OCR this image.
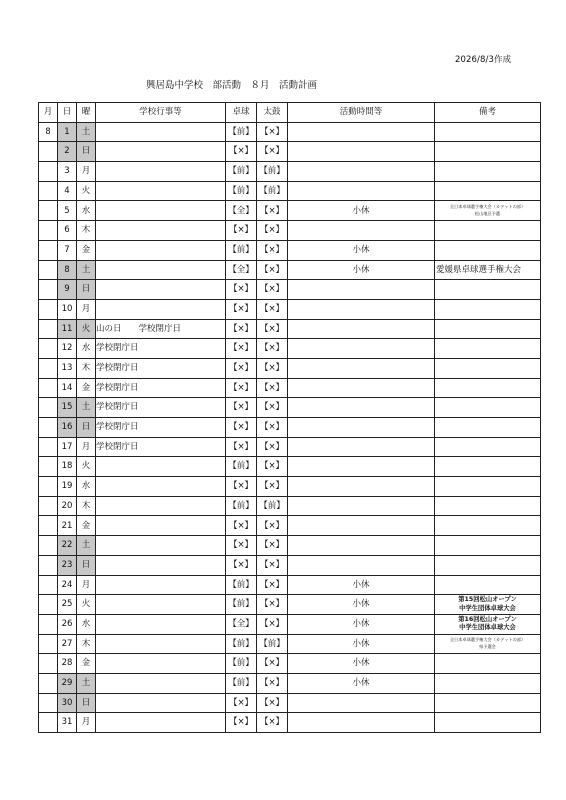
2026/8/3作成
興居島中学校　部活動　８月　活動計画
月	日	曜	学校行事等	卓球	太鼓	活動時間等	備考
8	1	土		【前】	【×】		

	2	日		【×】	【×】		

	3	月		【前】	【前】		

	4	火		【前】	【前】		

	5	水		【全】	【×】	小休	全日本卓球選手権大会（カデットの部）
松山地区予選

	6	木		【×】	【×】		

	7	金		【前】	【×】	小休	

	8	土		【全】	【×】	小休	愛媛県卓球選手権大会

	9	日		【×】	【×】		

	10	月		【×】	【×】		

	11	火	山の日　　学校閉庁日	【×】	【×】		

	12	水	学校閉庁日	【×】	【×】		

	13	木	学校閉庁日	【×】	【×】		

	14	金	学校閉庁日	【×】	【×】		

	15	土	学校閉庁日	【×】	【×】		

	16	日	学校閉庁日	【×】	【×】		

	17	月	学校閉庁日	【×】	【×】		

	18	火		【前】	【×】		

	19	水		【×】	【×】		

	20	木		【前】	【前】		

	21	金		【×】	【×】		

	22	土		【×】	【×】		

	23	日		【×】	【×】		

	24	月		【前】	【×】	小休	

	25	火		【前】	【×】	小休	第15回松山オープン
中学生団体卓球大会

	26	水		【全】	【×】	小休	第16回松山オープン
中学生団体卓球大会

	27	木		【前】	【前】	小休	全日本卓球選手権大会（カデットの部）
県予選会

	28	金		【前】	【×】	小休	

	29	土		【前】	【×】	小休	

	30	日		【×】	【×】		

	31	月		【×】	【×】		
